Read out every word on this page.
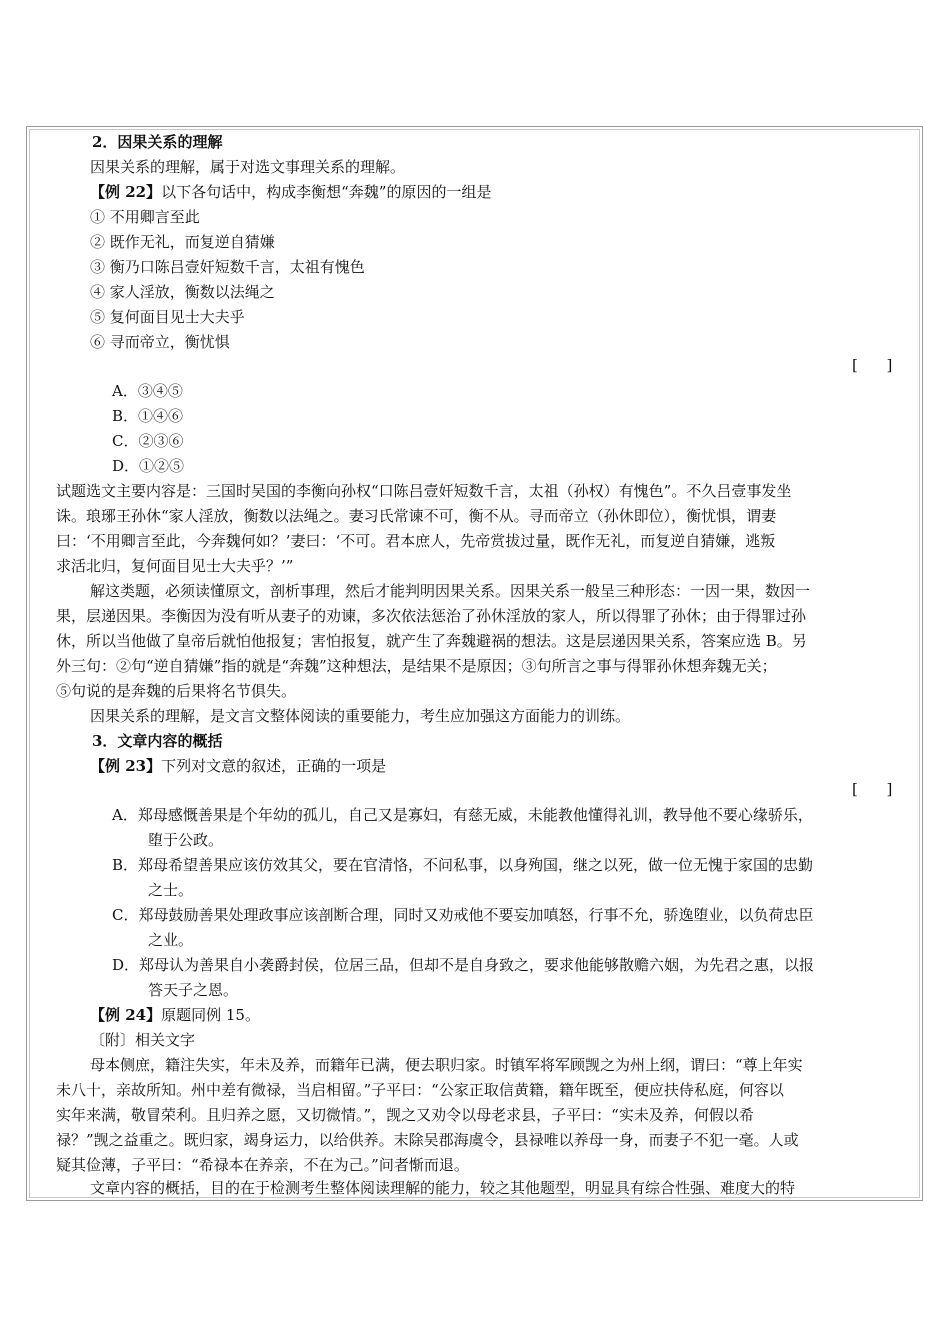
2．因果关系的理解
因果关系的理解，属于对选文事理关系的理解。
【例 22】以下各句话中，构成李衡想“奔魏”的原因的一组是
① 不用卿言至此
② 既作无礼，而复逆自猜嫌
③ 衡乃口陈吕壹奸短数千言，太祖有愧色
④ 家人淫放，衡数以法绳之
⑤ 复何面目见士大夫乎
⑥ 寻而帝立，衡忧惧
[      ]
A．③④⑤
B．①④⑥
C．②③⑥
D．①②⑤
试题选文主要内容是：三国时吴国的李衡向孙权“口陈吕壹奸短数千言，太祖（孙权）有愧色”。不久吕壹事发坐
诛。琅琊王孙休“家人淫放，衡数以法绳之。妻习氏常谏不可，衡不从。寻而帝立（孙休即位），衡忧惧，谓妻
曰：‘不用卿言至此，今奔魏何如？’妻曰：‘不可。君本庶人，先帝赏拔过量，既作无礼，而复逆自猜嫌，逃叛
求活北归，复何面目见士大夫乎？’”
解这类题，必须读懂原文，剖析事理，然后才能判明因果关系。因果关系一般呈三种形态：一因一果，数因一
果，层递因果。李衡因为没有听从妻子的劝谏，多次依法惩治了孙休淫放的家人，所以得罪了孙休；由于得罪过孙
休，所以当他做了皇帝后就怕他报复；害怕报复，就产生了奔魏避祸的想法。这是层递因果关系，答案应选 B。另
外三句：②句“逆自猜嫌”指的就是“奔魏”这种想法，是结果不是原因；③句所言之事与得罪孙休想奔魏无关；
⑤句说的是奔魏的后果将名节俱失。
因果关系的理解，是文言文整体阅读的重要能力，考生应加强这方面能力的训练。
3．文章内容的概括
【例 23】下列对文意的叙述，正确的一项是
[      ]
A．郑母感慨善果是个年幼的孤儿，自己又是寡妇，有慈无威，未能教他懂得礼训，教导他不要心缘骄乐，
堕于公政。
B．郑母希望善果应该仿效其父，要在官清恪，不问私事，以身殉国，继之以死，做一位无愧于家国的忠勤
之士。
C．郑母鼓励善果处理政事应该剖断合理，同时又劝戒他不要妄加嗔怒，行事不允，骄逸堕业，以负荷忠臣
之业。
D．郑母认为善果自小袭爵封侯，位居三品，但却不是自身致之，要求他能够散赡六姻，为先君之惠，以报
答天子之恩。
【例 24】原题同例 15。
〔附〕相关文字
母本侧庶，籍注失实，年未及养，而籍年已满，便去职归家。时镇军将军顾觊之为州上纲，谓曰：“尊上年实
未八十，亲故所知。州中差有微禄，当启相留。”子平曰：“公家正取信黄籍，籍年既至，便应扶侍私庭，何容以
实年来满，敬冒荣利。且归养之愿，又切微情。”，觊之又劝令以母老求县，子平曰：“实未及养，何假以希
禄？”觊之益重之。既归家，竭身运力，以给供养。末除吴郡海虞令，县禄唯以养母一身，而妻子不犯一毫。人或
疑其俭薄，子平曰：“希禄本在养亲，不在为己。”问者惭而退。
文章内容的概括，目的在于检测考生整体阅读理解的能力，较之其他题型，明显具有综合性强、难度大的特
